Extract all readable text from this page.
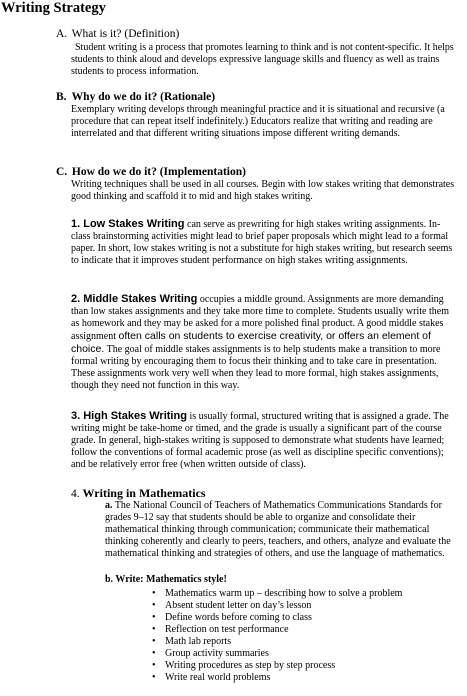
Writing Strategy
A. What is it? (Definition)
Student writing is a process that promotes learning to think and is not content-specific. It helps students to think aloud and develops expressive language skills and fluency as well as trains students to process information.
B. Why do we do it? (Rationale)
Exemplary writing develops through meaningful practice and it is situational and recursive (a procedure that can repeat itself indefinitely.) Educators realize that writing and reading are interrelated and that different writing situations impose different writing demands.
C. How do we do it? (Implementation)
Writing techniques shall be used in all courses. Begin with low stakes writing that demonstrates good thinking and scaffold it to mid and high stakes writing.
1. Low Stakes Writing can serve as prewriting for high stakes writing assignments. In-class brainstorming activities might lead to brief paper proposals which might lead to a formal paper. In short, low stakes writing is not a substitute for high stakes writing, but research seems to indicate that it improves student performance on high stakes writing assignments.
2. Middle Stakes Writing occupies a middle ground. Assignments are more demanding than low stakes assignments and they take more time to complete. Students usually write them as homework and they may be asked for a more polished final product. A good middle stakes assignment often calls on students to exercise creativity, or offers an element of choice. The goal of middle stakes assignments is to help students make a transition to more formal writing by encouraging them to focus their thinking and to take care in presentation. These assignments work very well when they lead to more formal, high stakes assignments, though they need not function in this way.
3. High Stakes Writing is usually formal, structured writing that is assigned a grade. The writing might be take-home or timed, and the grade is usually a significant part of the course grade. In general, high-stakes writing is supposed to demonstrate what students have learned; follow the conventions of formal academic prose (as well as discipline specific conventions); and be relatively error free (when written outside of class).
4. Writing in Mathematics
a. The National Council of Teachers of Mathematics Communications Standards for grades 9–12 say that students should be able to organize and consolidate their mathematical thinking through communication; communicate their mathematical thinking coherently and clearly to peers, teachers, and others, analyze and evaluate the mathematical thinking and strategies of others, and use the language of mathematics.
b. Write: Mathematics style!
• Mathematics warm up – describing how to solve a problem
• Absent student letter on day’s lesson
• Define words before coming to class
• Reflection on test performance
• Math lab reports
• Group activity summaries
• Writing procedures as step by step process
• Write real world problems
